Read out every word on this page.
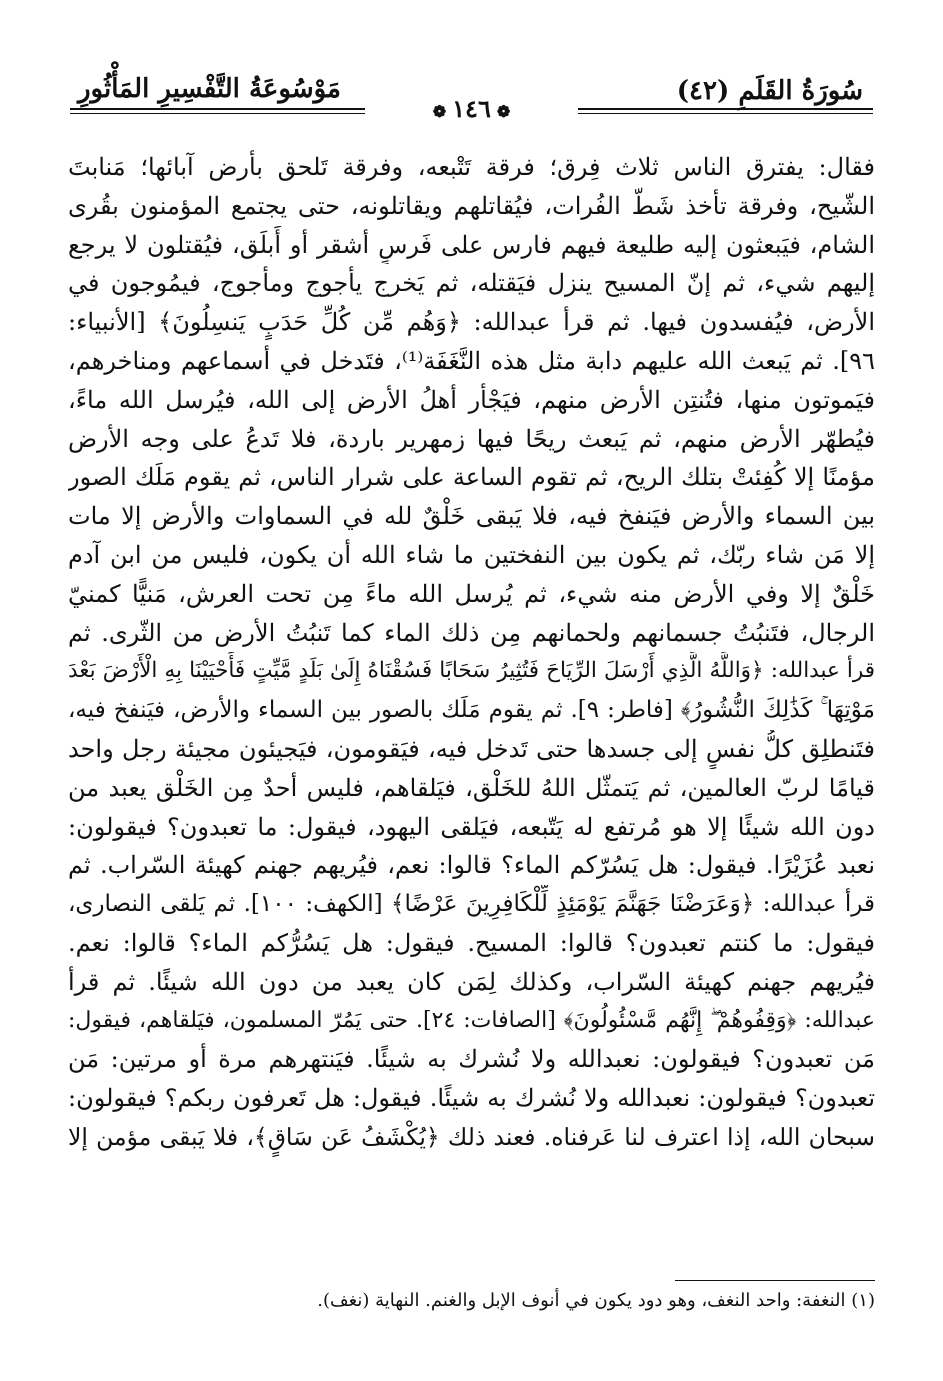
سُورَةُ القَلَمِ (٤٢)
مَوْسُوعَةُ التَّفْسِيرِ المَأْثُورِ
❁١٤٦❁
فقال: يفترق الناس ثلاث فِرق؛ فرقة تَتْبعه، وفرقة تَلحق بأرض آبائها؛ مَنابتَ
الشّيح، وفرقة تأخذ شَطّ الفُرات، فيُقاتلهم ويقاتلونه، حتى يجتمع المؤمنون بقُرى
الشام، فيَبعثون إليه طليعة فيهم فارس على فَرسٍ أشقر أو أَبلَق، فيُقتلون لا يرجع
إليهم شيء، ثم إنّ المسيح ينزل فيَقتله، ثم يَخرج يأجوج ومأجوج، فيمُوجون في
الأرض، فيُفسدون فيها. ثم قرأ عبدالله: ﴿وَهُم مِّن كُلِّ حَدَبٍ يَنسِلُونَ﴾ [الأنبياء:
٩٦]. ثم يَبعث الله عليهم دابة مثل هذه النَّغَفَة⁽¹⁾، فتَدخل في أسماعهم ومناخرهم،
فيَموتون منها، فتُنتِن الأرض منهم، فيَجْأر أهلُ الأرض إلى الله، فيُرسل الله ماءً،
فيُطهّر الأرض منهم، ثم يَبعث ريحًا فيها زمهرير باردة، فلا تَدعُ على وجه الأرض
مؤمنًا إلا كُفِئتْ بتلك الريح، ثم تقوم الساعة على شرار الناس، ثم يقوم مَلَك الصور
بين السماء والأرض فيَنفخ فيه، فلا يَبقى خَلْقٌ لله في السماوات والأرض إلا مات
إلا مَن شاء ربّك، ثم يكون بين النفختين ما شاء الله أن يكون، فليس من ابن آدم
خَلْقٌ إلا وفي الأرض منه شيء، ثم يُرسل الله ماءً مِن تحت العرش، مَنيًّا كمنيّ
الرجال، فتَنبُتُ جسمانهم ولحمانهم مِن ذلك الماء كما تَنبُتُ الأرض من الثّرى. ثم
قرأ عبدالله: ﴿وَاللَّهُ الَّذِي أَرْسَلَ الرِّيَاحَ فَتُثِيرُ سَحَابًا فَسُقْنَاهُ إِلَىٰ بَلَدٍ مَّيِّتٍ فَأَحْيَيْنَا بِهِ الْأَرْضَ بَعْدَ
مَوْتِهَا ۚ كَذَٰلِكَ النُّشُورُ﴾ [فاطر: ٩]. ثم يقوم مَلَك بالصور بين السماء والأرض، فيَنفخ فيه،
فتَنطلِق كلُّ نفسٍ إلى جسدها حتى تَدخل فيه، فيَقومون، فيَجيئون مجيئة رجل واحد
قيامًا لربّ العالمين، ثم يَتمثّل اللهُ للخَلْق، فيَلقاهم، فليس أحدٌ مِن الخَلْق يعبد من
دون الله شيئًا إلا هو مُرتفع له يَتّبعه، فيَلقى اليهود، فيقول: ما تعبدون؟ فيقولون:
نعبد عُزَيْرًا. فيقول: هل يَسُرّكم الماء؟ قالوا: نعم، فيُريهم جهنم كهيئة السّراب. ثم
قرأ عبدالله: ﴿وَعَرَضْنَا جَهَنَّمَ يَوْمَئِذٍ لِّلْكَافِرِينَ عَرْضًا﴾ [الكهف: ١٠٠]. ثم يَلقى النصارى،
فيقول: ما كنتم تعبدون؟ قالوا: المسيح. فيقول: هل يَسُرُّكم الماء؟ قالوا: نعم.
فيُريهم جهنم كهيئة السّراب، وكذلك لِمَن كان يعبد من دون الله شيئًا. ثم قرأ
عبدالله: ﴿وَقِفُوهُمْ ۖ إِنَّهُم مَّسْئُولُونَ﴾ [الصافات: ٢٤]. حتى يَمُرّ المسلمون، فيَلقاهم، فيقول:
مَن تعبدون؟ فيقولون: نعبدالله ولا نُشرك به شيئًا. فيَنتهرهم مرة أو مرتين: مَن
تعبدون؟ فيقولون: نعبدالله ولا نُشرك به شيئًا. فيقول: هل تَعرفون ربكم؟ فيقولون:
سبحان الله، إذا اعترف لنا عَرفناه. فعند ذلك ﴿يُكْشَفُ عَن سَاقٍ﴾، فلا يَبقى مؤمن إلا
(١) النغفة: واحد النغف، وهو دود يكون في أنوف الإبل والغنم. النهاية (نغف).
